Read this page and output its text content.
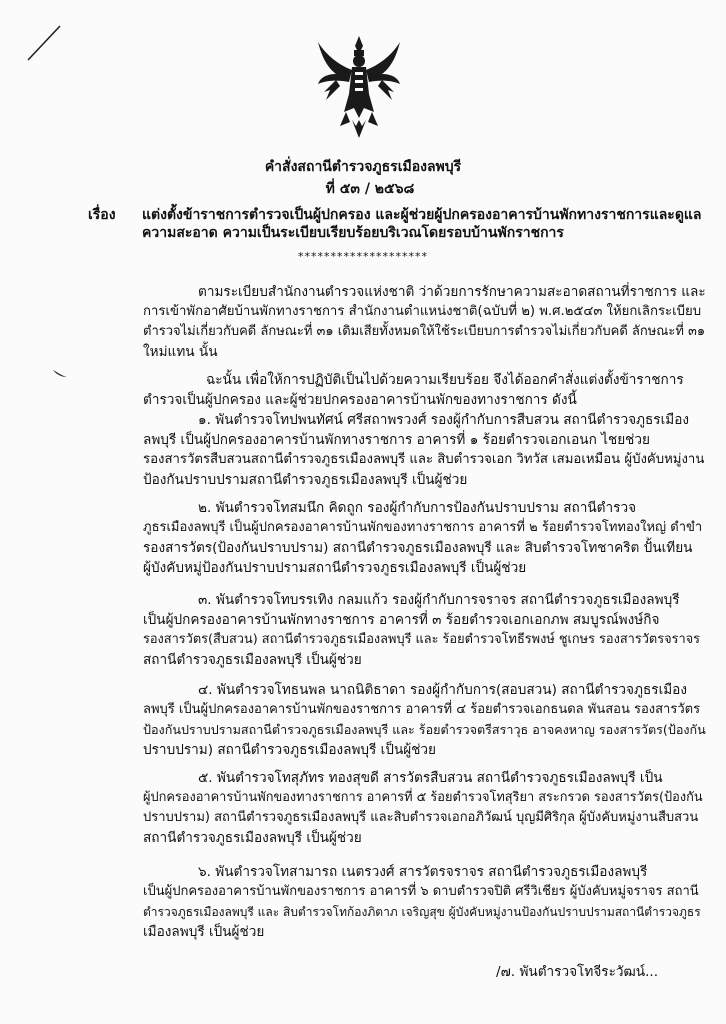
คำสั่งสถานีตำรวจภูธรเมืองลพบุรี
ที่ ๕๓ / ๒๕๖๘
เรื่อง แต่งตั้งข้าราชการตำรวจเป็นผู้ปกครอง และผู้ช่วยผู้ปกครองอาคารบ้านพักทางราชการและดูแล
ความสะอาด ความเป็นระเบียบเรียบร้อยบริเวณโดยรอบบ้านพักราชการ
********************
ตามระเบียบสำนักงานตำรวจแห่งชาติ ว่าด้วยการรักษาความสะอาดสถานที่ราชการ และ
การเข้าพักอาศัยบ้านพักทางราชการ สำนักงานตำแหน่งชาติ(ฉบับที่ ๒) พ.ศ.๒๕๔๓ ให้ยกเลิกระเบียบ
ตำรวจไม่เกี่ยวกับคดี ลักษณะที่ ๓๑ เดิมเสียทั้งหมดให้ใช้ระเบียบการตำรวจไม่เกี่ยวกับคดี ลักษณะที่ ๓๑
ใหม่แทน นั้น
ฉะนั้น เพื่อให้การปฏิบัติเป็นไปด้วยความเรียบร้อย จึงได้ออกคำสั่งแต่งตั้งข้าราชการ
ตำรวจเป็นผู้ปกครอง และผู้ช่วยปกครองอาคารบ้านพักของทางราชการ ดังนี้
๑. พันตำรวจโทปพนทัศน์ ศรีสถาพรวงศ์ รองผู้กำกับการสืบสวน สถานีตำรวจภูธรเมือง
ลพบุรี เป็นผู้ปกครองอาคารบ้านพักทางราชการ อาคารที่ ๑ ร้อยตำรวจเอกเอนก ไชยช่วย
รองสารวัตรสืบสวนสถานีตำรวจภูธรเมืองลพบุรี และ สิบตำรวจเอก วิทวัส เสมอเหมือน ผู้บังคับหมู่งาน
ป้องกันปราบปรามสถานีตำรวจภูธรเมืองลพบุรี เป็นผู้ช่วย
๒. พันตำรวจโทสมนึก คิดถูก รองผู้กำกับการป้องกันปราบปราม สถานีตำรวจ
ภูธรเมืองลพบุรี เป็นผู้ปกครองอาคารบ้านพักของทางราชการ อาคารที่ ๒ ร้อยตำรวจโททองใหญ่ ดำขำ
รองสารวัตร(ป้องกันปราบปราม) สถานีตำรวจภูธรเมืองลพบุรี และ สิบตำรวจโทชาคริต ปั้นเทียน
ผู้บังคับหมู่ป้องกันปราบปรามสถานีตำรวจภูธรเมืองลพบุรี เป็นผู้ช่วย
๓. พันตำรวจโทบรรเทิง กลมแก้ว รองผู้กำกับการจราจร สถานีตำรวจภูธรเมืองลพบุรี
เป็นผู้ปกครองอาคารบ้านพักทางราชการ อาคารที่ ๓ ร้อยตำรวจเอกเอกภพ สมบูรณ์พงษ์กิจ
รองสารวัตร(สืบสวน) สถานีตำรวจภูธรเมืองลพบุรี และ ร้อยตำรวจโทธีรพงษ์ ชูเกษร รองสารวัตรจราจร
สถานีตำรวจภูธรเมืองลพบุรี เป็นผู้ช่วย
๔. พันตำรวจโทธนพล นาถนิติธาดา รองผู้กำกับการ(สอบสวน) สถานีตำรวจภูธรเมือง
ลพบุรี เป็นผู้ปกครองอาคารบ้านพักของราชการ อาคารที่ ๔ ร้อยตำรวจเอกธนดล พันสอน รองสารวัตร
ป้องกันปราบปรามสถานีตำรวจภูธรเมืองลพบุรี และ ร้อยตำรวจตรีสราวุธ อาจคงหาญ รองสารวัตร(ป้องกัน
ปราบปราม) สถานีตำรวจภูธรเมืองลพบุรี เป็นผู้ช่วย
๕. พันตำรวจโทสุภัทร ทองสุขดี สารวัตรสืบสวน สถานีตำรวจภูธรเมืองลพบุรี เป็น
ผู้ปกครองอาคารบ้านพักของทางราชการ อาคารที่ ๕ ร้อยตำรวจโทสุริยา สระกรวด รองสารวัตร(ป้องกัน
ปราบปราม) สถานีตำรวจภูธรเมืองลพบุรี และสิบตำรวจเอกอภิวัฒน์ บุญมีศิริกุล ผู้บังคับหมู่งานสืบสวน
สถานีตำรวจภูธรเมืองลพบุรี เป็นผู้ช่วย
๖. พันตำรวจโทสามารถ เนตรวงศ์ สารวัตรจราจร สถานีตำรวจภูธรเมืองลพบุรี
เป็นผู้ปกครองอาคารบ้านพักของราชการ อาคารที่ ๖ ดาบตำรวจปิติ ศรีวิเชียร ผู้บังคับหมู่จราจร สถานี
ตำรวจภูธรเมืองลพบุรี และ สิบตำรวจโทก้องภิตาภ เจริญสุข ผู้บังคับหมู่งานป้องกันปราบปรามสถานีตำรวจภูธร
เมืองลพบุรี เป็นผู้ช่วย
/๗. พันตำรวจโทจีระวัฒน์...
